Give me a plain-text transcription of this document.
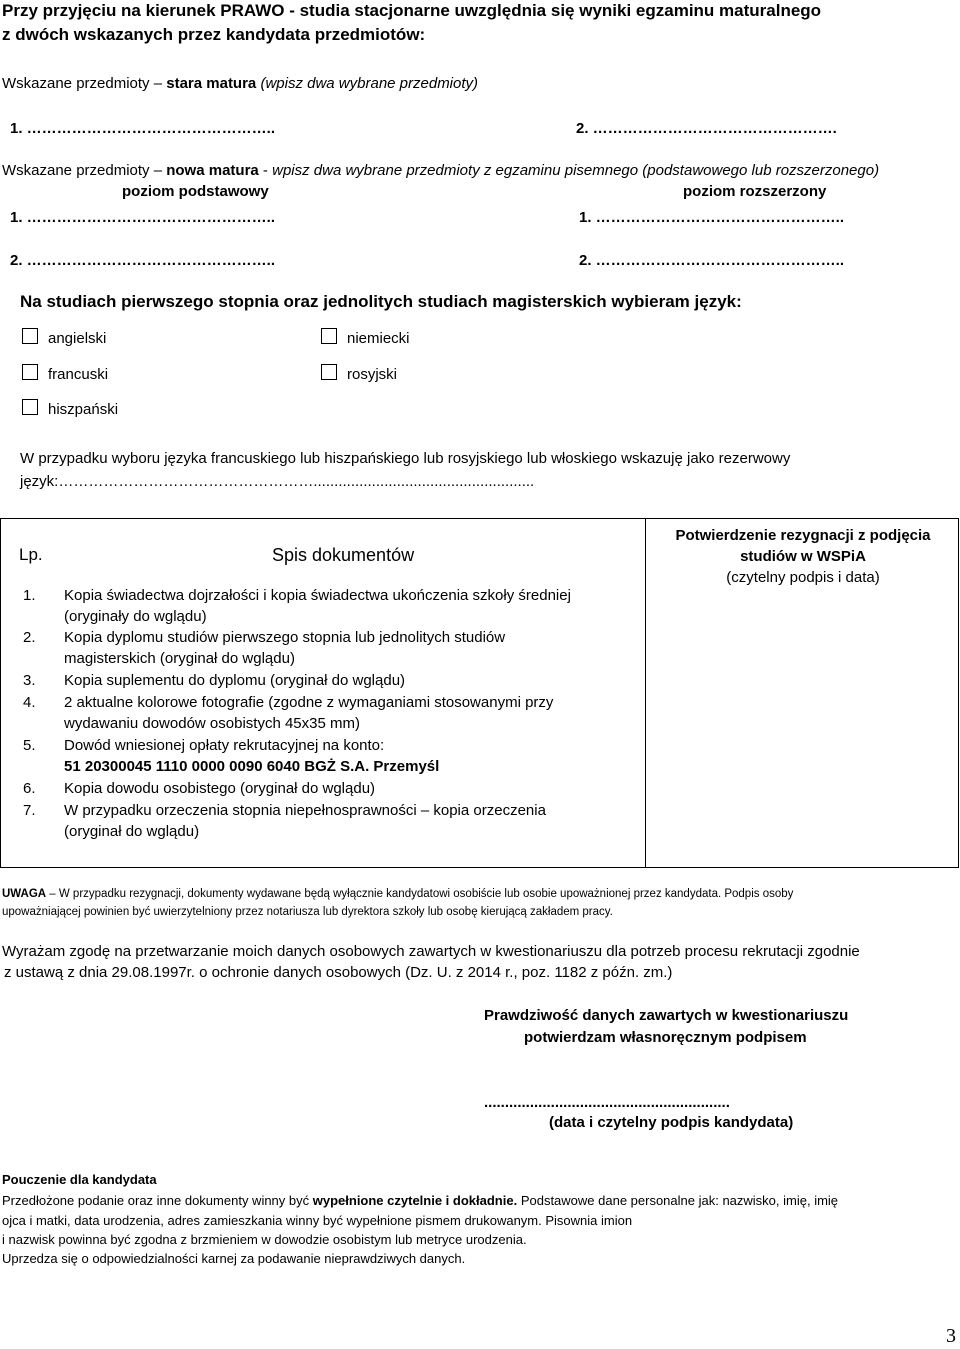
Przy przyjęciu na kierunek PRAWO - studia stacjonarne uwzględnia się wyniki egzaminu maturalnego
z dwóch wskazanych przez kandydata przedmiotów:
Wskazane przedmioty – stara matura (wpisz dwa wybrane przedmioty)
1. …………………………………………..	2. ………………………………………….
Wskazane przedmioty – nowa matura - wpisz dwa wybrane przedmioty z egzaminu pisemnego (podstawowego lub rozszerzonego)
poziom podstawowy	poziom rozszerzony
1. …………………………………………..	1. …………………………………………..
2. …………………………………………..	2. …………………………………………..
Na studiach pierwszego stopnia oraz jednolitych studiach magisterskich wybieram język:
angielski	niemiecki
francuski	rosyjski
hiszpański
W przypadku wyboru języka francuskiego lub hiszpańskiego lub rosyjskiego lub włoskiego wskazuję jako rezerwowy
język:…………………………………………….....................................................
Lp.	Spis dokumentów
1. Kopia świadectwa dojrzałości i kopia świadectwa ukończenia szkoły średniej
(oryginały do wglądu)
2. Kopia dyplomu studiów pierwszego stopnia lub jednolitych studiów
magisterskich (oryginał do wglądu)
3. Kopia suplementu do dyplomu (oryginał do wglądu)
4. 2 aktualne kolorowe fotografie (zgodne z wymaganiami stosowanymi przy
wydawaniu dowodów osobistych 45x35 mm)
5. Dowód wniesionej opłaty rekrutacyjnej na konto:
51 20300045 1110 0000 0090 6040 BGŻ S.A. Przemyśl
6. Kopia dowodu osobistego (oryginał do wglądu)
7. W przypadku orzeczenia stopnia niepełnosprawności – kopia orzeczenia
(oryginał do wglądu)

Potwierdzenie rezygnacji z podjęcia
studiów w WSPiA
(czytelny podpis i data)
UWAGA – W przypadku rezygnacji, dokumenty wydawane będą wyłącznie kandydatowi osobiście lub osobie upoważnionej przez kandydata. Podpis osoby
upoważniającej powinien być uwierzytelniony przez notariusza lub dyrektora szkoły lub osobę kierującą zakładem pracy.
Wyrażam zgodę na przetwarzanie moich danych osobowych zawartych w kwestionariuszu dla potrzeb procesu rekrutacji zgodnie
z ustawą z dnia 29.08.1997r. o ochronie danych osobowych (Dz. U. z 2014 r., poz. 1182 z późn. zm.)
Prawdziwość danych zawartych w kwestionariuszu
potwierdzam własnoręcznym podpisem
...........................................................
(data i czytelny podpis kandydata)
Pouczenie dla kandydata
Przedłożone podanie oraz inne dokumenty winny być wypełnione czytelnie i dokładnie. Podstawowe dane personalne jak: nazwisko, imię, imię
ojca i matki, data urodzenia, adres zamieszkania winny być wypełnione pismem drukowanym. Pisownia imion
i nazwisk powinna być zgodna z brzmieniem w dowodzie osobistym lub metryce urodzenia.
Uprzedza się o odpowiedzialności karnej za podawanie nieprawdziwych danych.
3
